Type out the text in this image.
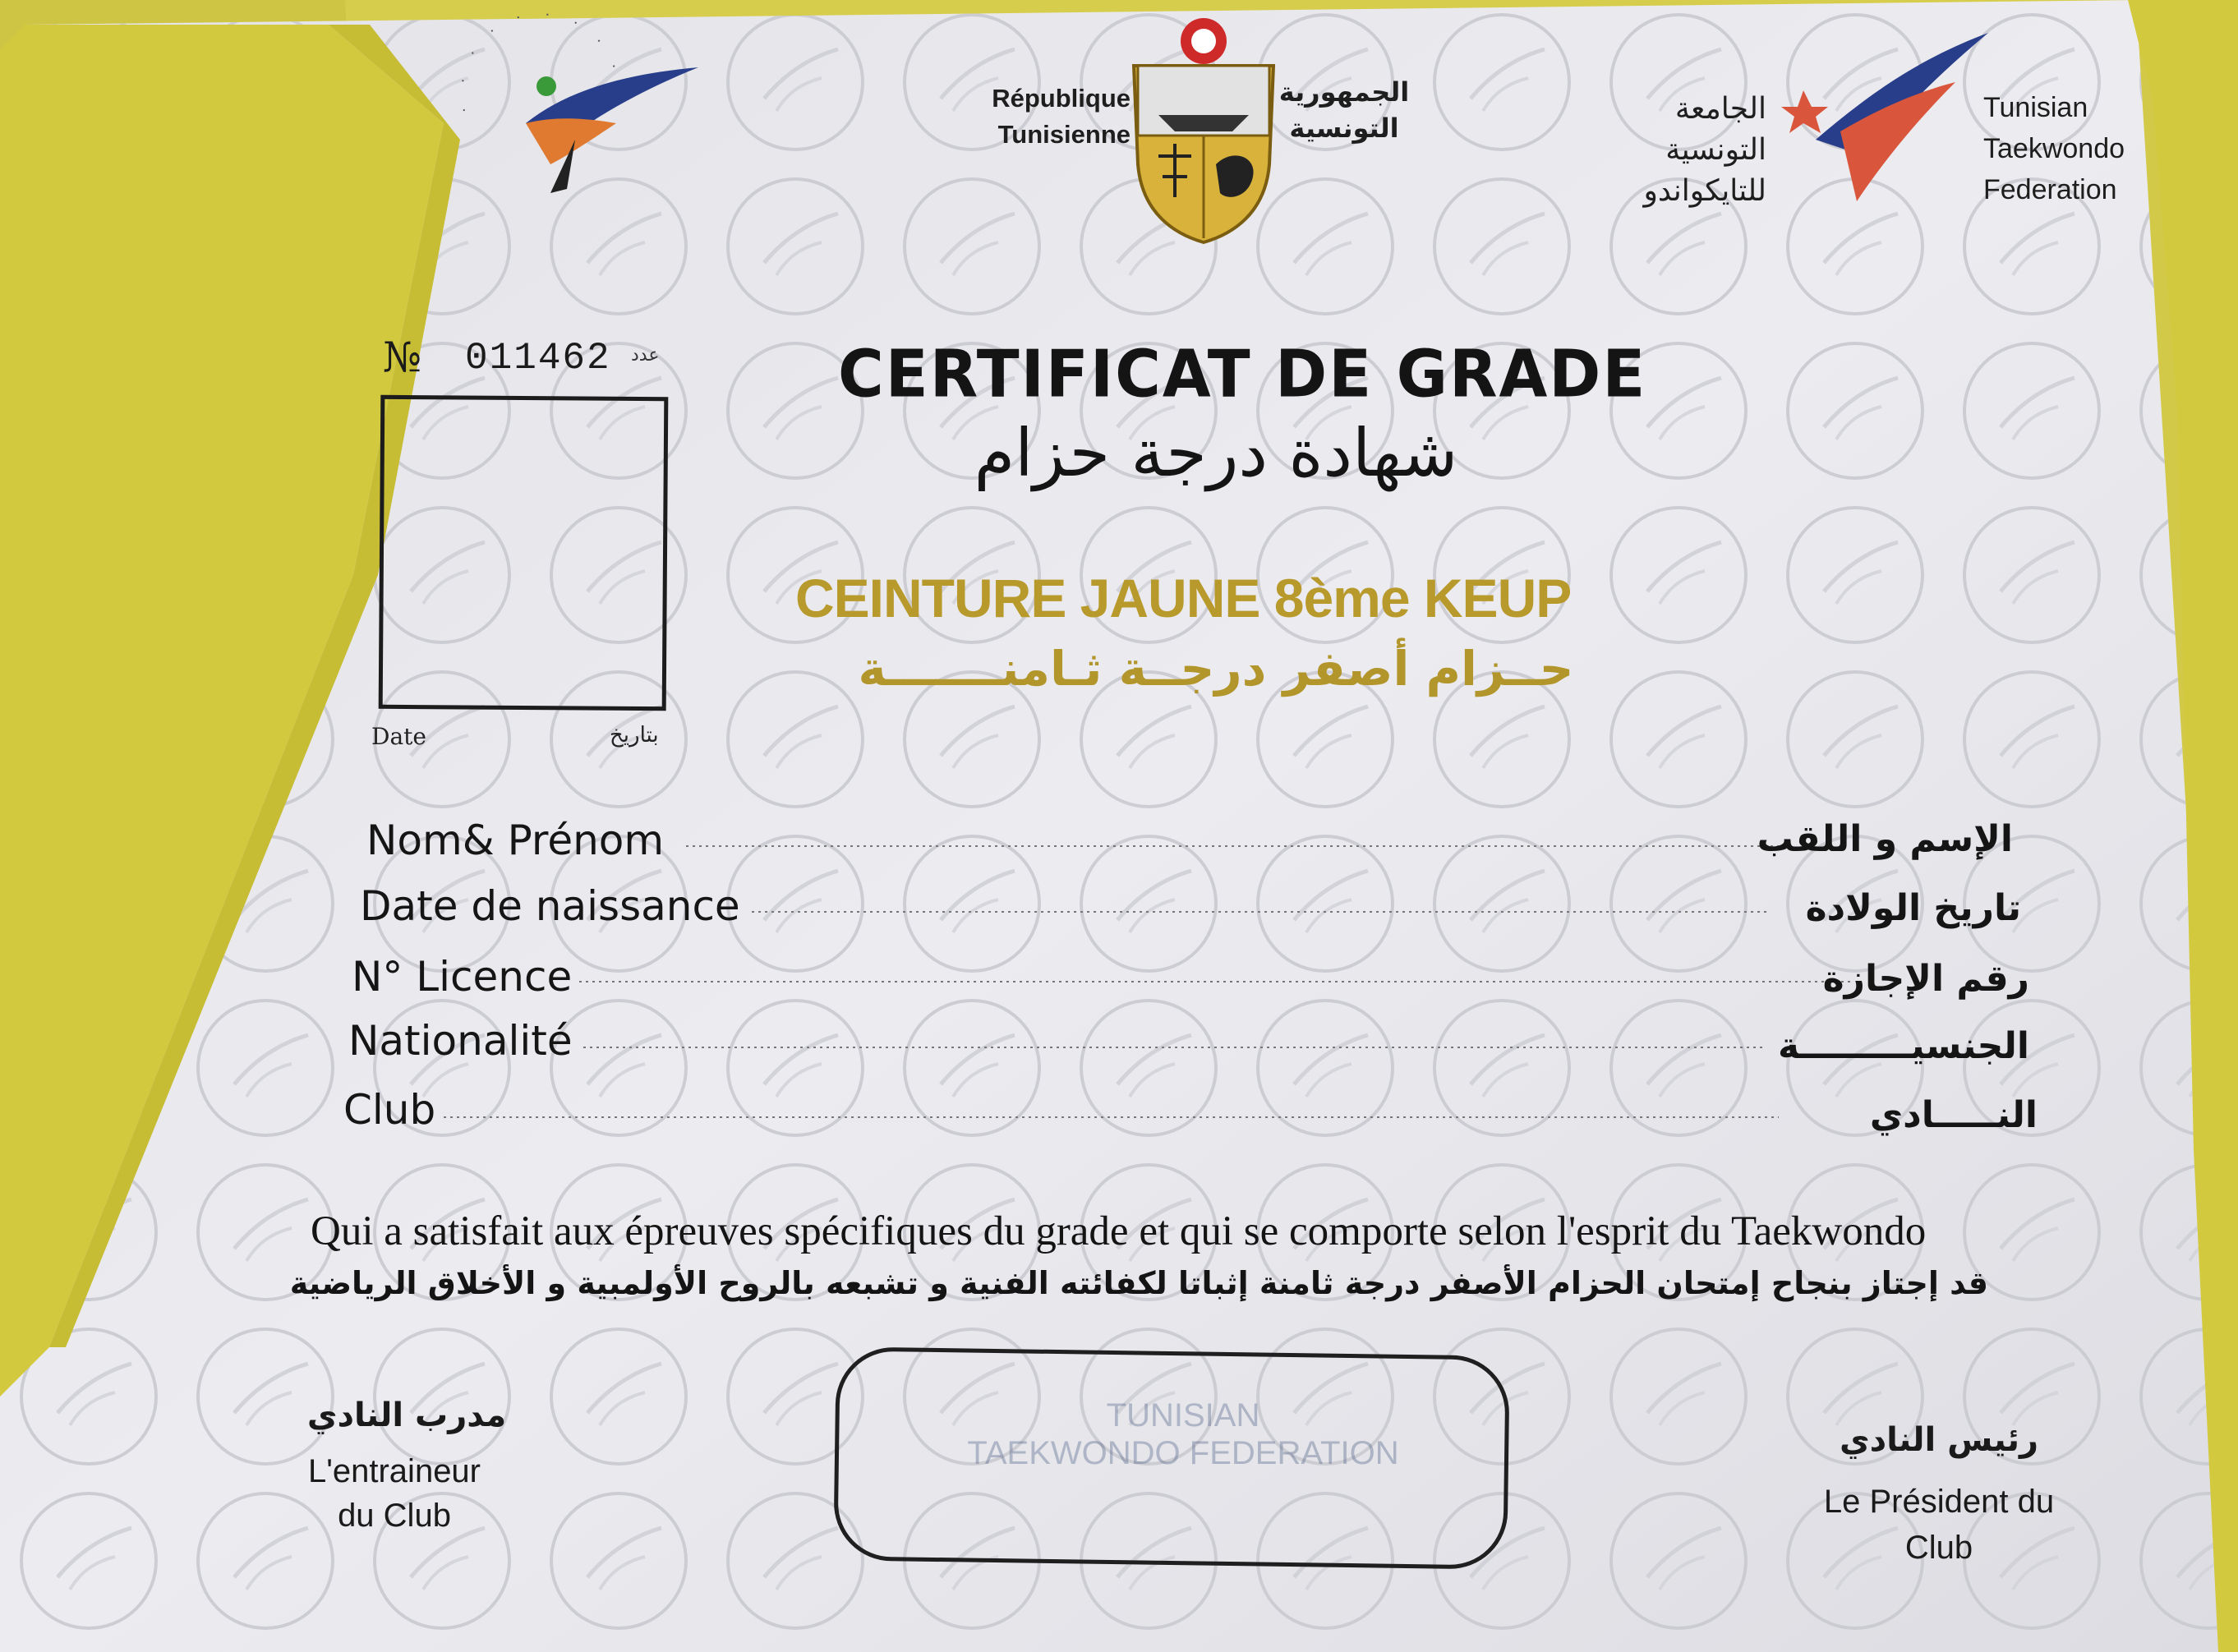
République
Tunisienne
الجمهورية
التونسية
الجامعة
التونسية
للتايكواندو
Tunisian
Taekwondo
Federation
№ 011462 عدد
Date	بتاريخ
CERTIFICAT DE GRADE
شهادة درجة حزام
CEINTURE JAUNE 8ème KEUP
حــزام أصفر درجــة ثـامنـــــــة
Nom& Prénom	الإسم و اللقب
Date de naissance	تاريخ الولادة
N° Licence	رقم الإجازة
Nationalité	الجنسيـــــــــة
Club	النـــــادي
Qui a satisfait aux épreuves spécifiques du grade et qui se comporte selon l'esprit du Taekwondo
قد إجتاز بنجاح إمتحان الحزام الأصفر درجة ثامنة إثباتا لكفائته الفنية و تشبعه بالروح الأولمبية و الأخلاق الرياضية
مدرب النادي
L'entraineur
du Club
رئيس النادي
Le Président du
Club
TUNISIAN
TAEKWONDO FEDERATION
